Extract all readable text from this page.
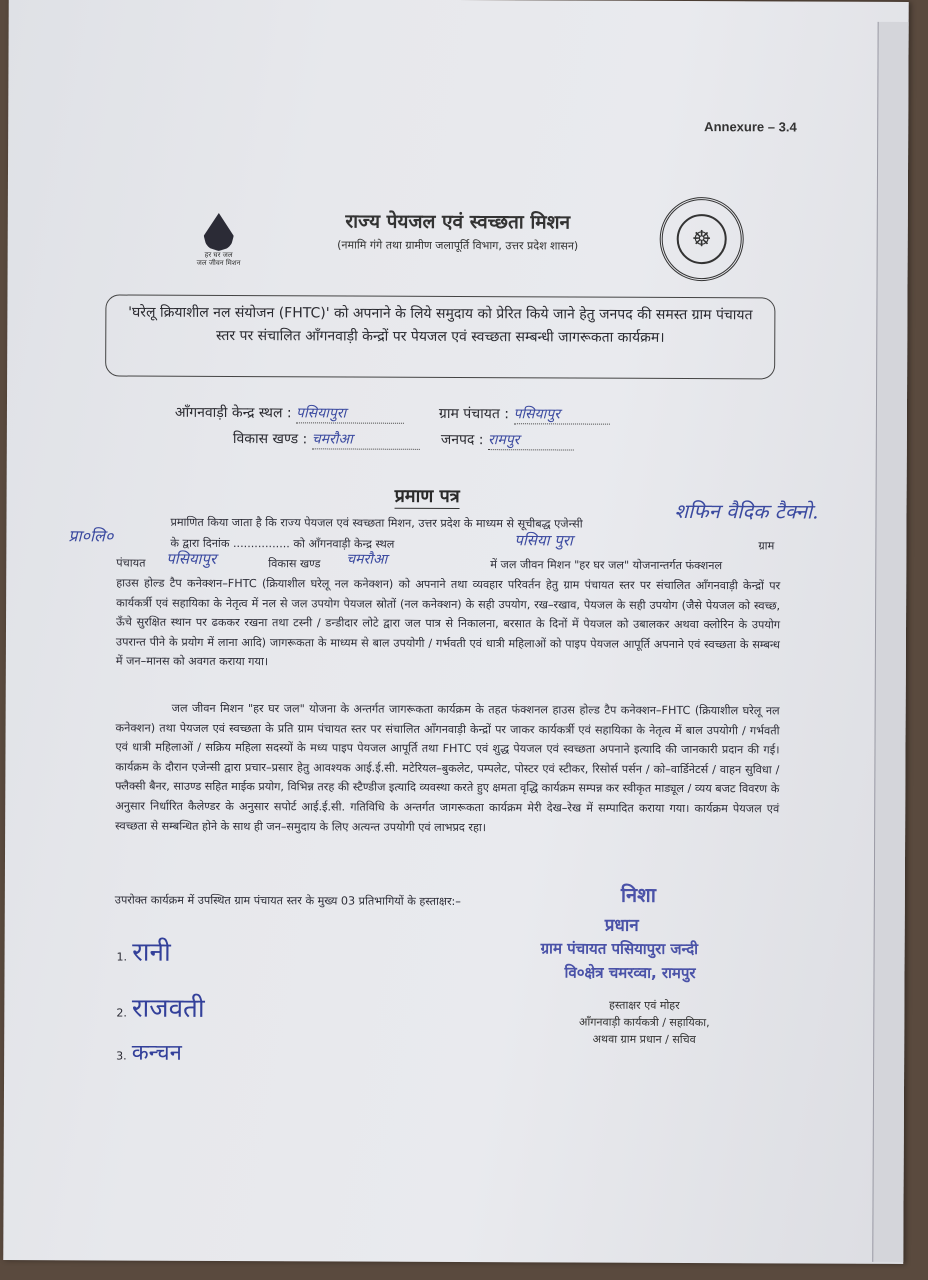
Annexure – 3.4
हर घर जल
जल जीवन मिशन
राज्य पेयजल एवं स्वच्छता मिशन
(नमामि गंगे तथा ग्रामीण जलापूर्ति विभाग, उत्तर प्रदेश शासन)	☸
'घरेलू क्रियाशील नल संयोजन (FHTC)' को अपनाने के लिये समुदाय को प्रेरित किये जाने हेतु जनपद की समस्त ग्राम पंचायत स्तर पर संचालित आँगनवाड़ी केन्द्रों पर पेयजल एवं स्वच्छता सम्बन्धी जागरूकता कार्यक्रम।
आँगनवाड़ी केन्द्र स्थल : पसियापुरा	ग्राम पंचायत : पसियापुर
विकास खण्ड : चमरौआ	जनपद : रामपुर
प्रमाण पत्र
प्रमाणित किया जाता है कि राज्य पेयजल एवं स्वच्छता मिशन, उत्तर प्रदेश के माध्यम से सूचीबद्ध एजेन्सी	शफिन वैदिक टैक्नो.
प्रा०लि०	के द्वारा दिनांक ................ को आँगनवाड़ी केन्द्र स्थल	पसिया पुरा	ग्राम
पंचायत	पसियापुर	विकास खण्ड	चमरौआ	में जल जीवन मिशन "हर घर जल" योजनान्तर्गत फंक्शनल
हाउस होल्ड टैप कनेक्शन–FHTC (क्रियाशील घरेलू नल कनेक्शन) को अपनाने तथा व्यवहार परिवर्तन हेतु ग्राम पंचायत स्तर पर संचालित आँगनवाड़ी केन्द्रों पर कार्यकर्त्री एवं सहायिका के नेतृत्व में नल से जल उपयोग पेयजल स्रोतों (नल कनेक्शन) के सही उपयोग, रख–रखाव, पेयजल के सही उपयोग (जैसे पेयजल को स्वच्छ, ऊँचे सुरक्षित स्थान पर ढककर रखना तथा टस्नी / डन्डीदार लोटे द्वारा जल पात्र से निकालना, बरसात के दिनों में पेयजल को उबालकर अथवा क्लोरिन के उपयोग उपरान्त पीने के प्रयोग में लाना आदि) जागरूकता के माध्यम से बाल उपयोगी / गर्भवती एवं धात्री महिलाओं को पाइप पेयजल आपूर्ति अपनाने एवं स्वच्छता के सम्बन्ध में जन–मानस को अवगत कराया गया।
जल जीवन मिशन "हर घर जल" योजना के अन्तर्गत जागरूकता कार्यक्रम के तहत फंक्शनल हाउस होल्ड टैप कनेक्शन–FHTC (क्रियाशील घरेलू नल कनेक्शन) तथा पेयजल एवं स्वच्छता के प्रति ग्राम पंचायत स्तर पर संचालित आँगनवाड़ी केन्द्रों पर जाकर कार्यकर्त्री एवं सहायिका के नेतृत्व में बाल उपयोगी / गर्भवती एवं धात्री महिलाओं / सक्रिय महिला सदस्यों के मध्य पाइप पेयजल आपूर्ति तथा FHTC एवं शुद्ध पेयजल एवं स्वच्छता अपनाने इत्यादि की जानकारी प्रदान की गई। कार्यक्रम के दौरान एजेन्सी द्वारा प्रचार–प्रसार हेतु आवश्यक आई.ई.सी. मटेरियल–बुकलेट, पम्पलेट, पोस्टर एवं स्टीकर, रिसोर्स पर्सन / को–वार्डिनेटर्स / वाहन सुविधा / फ्लैक्सी बैनर, साउण्ड सहित माईक प्रयोग, विभिन्न तरह की स्टैण्डीज इत्यादि व्यवस्था करते हुए क्षमता वृद्धि कार्यक्रम सम्पन्न कर स्वीकृत माड्यूल / व्यय बजट विवरण के अनुसार निर्धारित कैलेण्डर के अनुसार सपोर्ट आई.ई.सी. गतिविधि के अन्तर्गत जागरूकता कार्यक्रम मेरी देख–रेख में सम्पादित कराया गया। कार्यक्रम पेयजल एवं स्वच्छता से सम्बन्धित होने के साथ ही जन–समुदाय के लिए अत्यन्त उपयोगी एवं लाभप्रद रहा।
उपरोक्त कार्यक्रम में उपस्थित ग्राम पंचायत स्तर के मुख्य 03 प्रतिभागियों के हस्ताक्षर:–
1. रानी
2. राजवती
3. कन्चन
निशा
प्रधान
ग्राम पंचायत पसियापुरा जन्दी
वि०क्षेत्र चमरव्वा, रामपुर
हस्ताक्षर एवं मोहर
आँगनवाड़ी कार्यकत्री / सहायिका,
अथवा ग्राम प्रधान / सचिव
